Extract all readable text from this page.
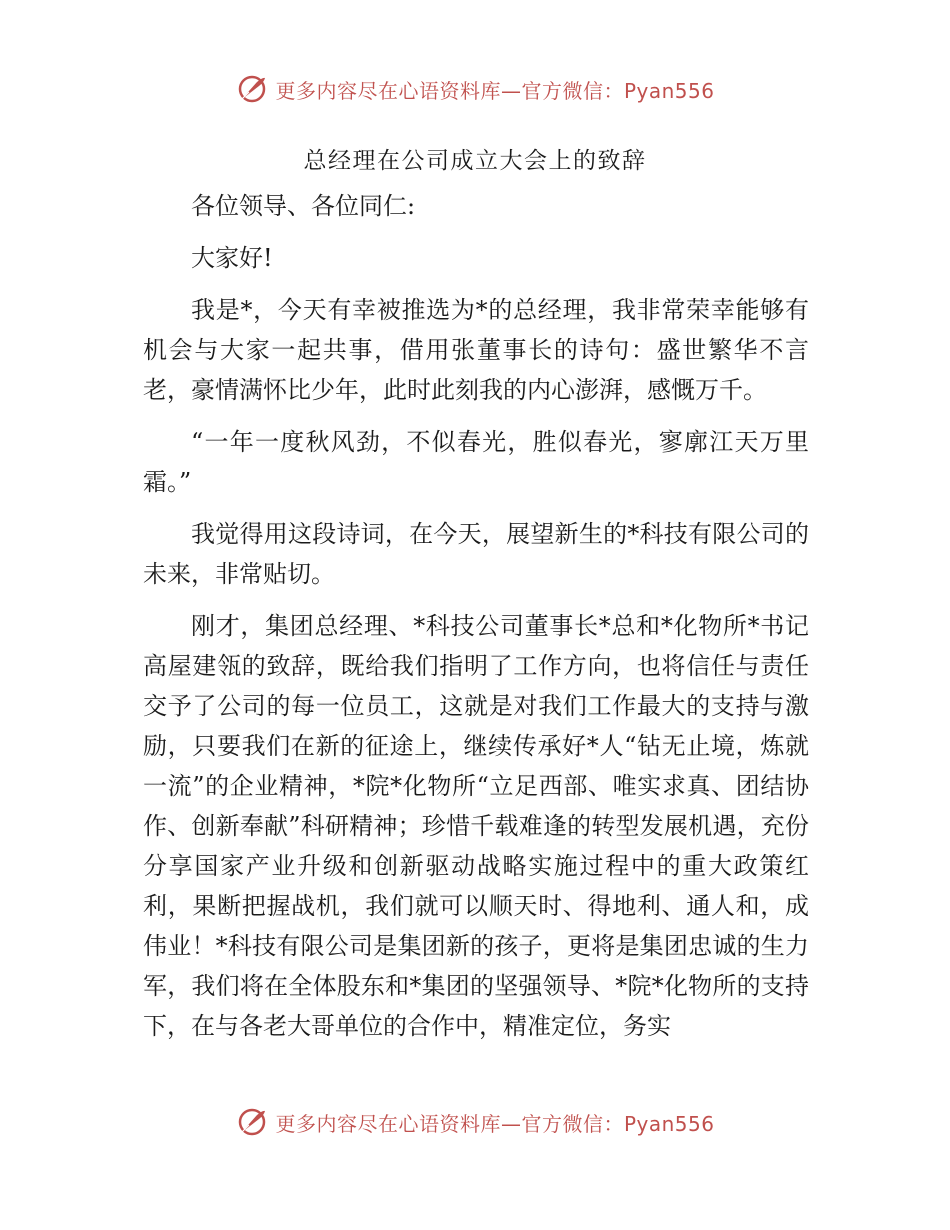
更多内容尽在心语资料库—官方微信：Pyan556
总经理在公司成立大会上的致辞

各位领导、各位同仁:

大家好!

我是*，今天有幸被推选为*的总经理，我非常荣幸能够有机会与大家一起共事，借用张董事长的诗句：盛世繁华不言老，豪情满怀比少年，此时此刻我的内心澎湃，感慨万千。

“一年一度秋风劲，不似春光，胜似春光，寥廓江天万里霜。”

我觉得用这段诗词，在今天，展望新生的*科技有限公司的未来，非常贴切。

刚才，集团总经理、*科技公司董事长*总和*化物所*书记高屋建瓴的致辞，既给我们指明了工作方向，也将信任与责任交予了公司的每一位员工，这就是对我们工作最大的支持与激励，只要我们在新的征途上，继续传承好*人“钻无止境，炼就一流”的企业精神，*院*化物所“立足西部、唯实求真、团结协作、创新奉献”科研精神；珍惜千载难逢的转型发展机遇，充份分享国家产业升级和创新驱动战略实施过程中的重大政策红利，果断把握战机，我们就可以顺天时、得地利、通人和，成伟业！*科技有限公司是集团新的孩子，更将是集团忠诚的生力军，我们将在全体股东和*集团的坚强领导、*院*化物所的支持下，在与各老大哥单位的合作中，精准定位，务实

更多内容尽在心语资料库—官方微信：Pyan556
